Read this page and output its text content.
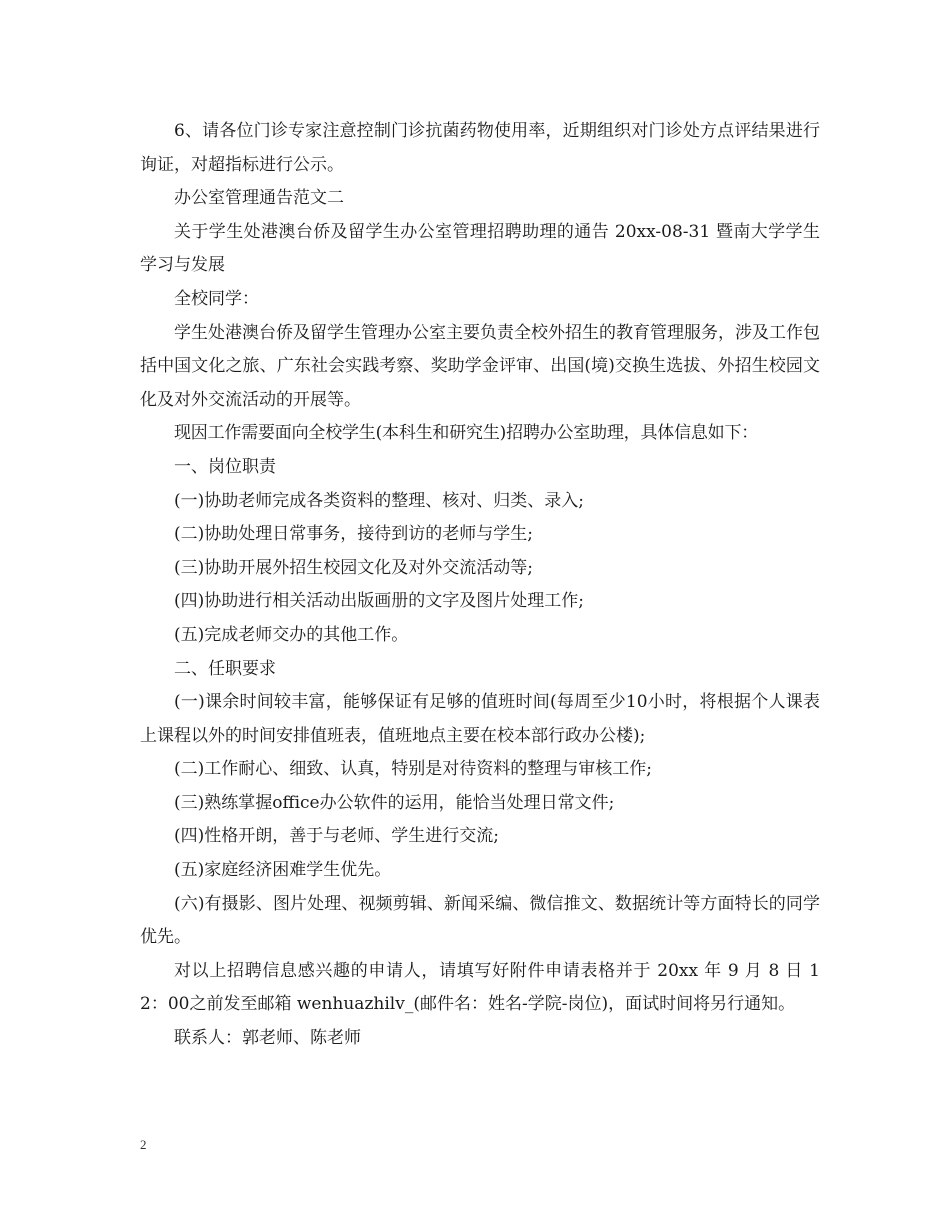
6、请各位门诊专家注意控制门诊抗菌药物使用率，近期组织对门诊处方点评结果进行询证，对超指标进行公示。

办公室管理通告范文二

关于学生处港澳台侨及留学生办公室管理招聘助理的通告 20xx-08-31 暨南大学学生学习与发展

全校同学：

学生处港澳台侨及留学生管理办公室主要负责全校外招生的教育管理服务，涉及工作包括中国文化之旅、广东社会实践考察、奖助学金评审、出国(境)交换生选拔、外招生校园文化及对外交流活动的开展等。

现因工作需要面向全校学生(本科生和研究生)招聘办公室助理，具体信息如下：

一、岗位职责

(一)协助老师完成各类资料的整理、核对、归类、录入;

(二)协助处理日常事务，接待到访的老师与学生;

(三)协助开展外招生校园文化及对外交流活动等;

(四)协助进行相关活动出版画册的文字及图片处理工作;

(五)完成老师交办的其他工作。

二、任职要求

(一)课余时间较丰富，能够保证有足够的值班时间(每周至少10小时，将根据个人课表上课程以外的时间安排值班表，值班地点主要在校本部行政办公楼);

(二)工作耐心、细致、认真，特别是对待资料的整理与审核工作;

(三)熟练掌握office办公软件的运用，能恰当处理日常文件;

(四)性格开朗，善于与老师、学生进行交流;

(五)家庭经济困难学生优先。

(六)有摄影、图片处理、视频剪辑、新闻采编、微信推文、数据统计等方面特长的同学优先。

对以上招聘信息感兴趣的申请人，请填写好附件申请表格并于 20xx 年 9 月 8 日 12：00之前发至邮箱 wenhuazhilv_(邮件名：姓名-学院-岗位)，面试时间将另行通知。

联系人：郭老师、陈老师

2
